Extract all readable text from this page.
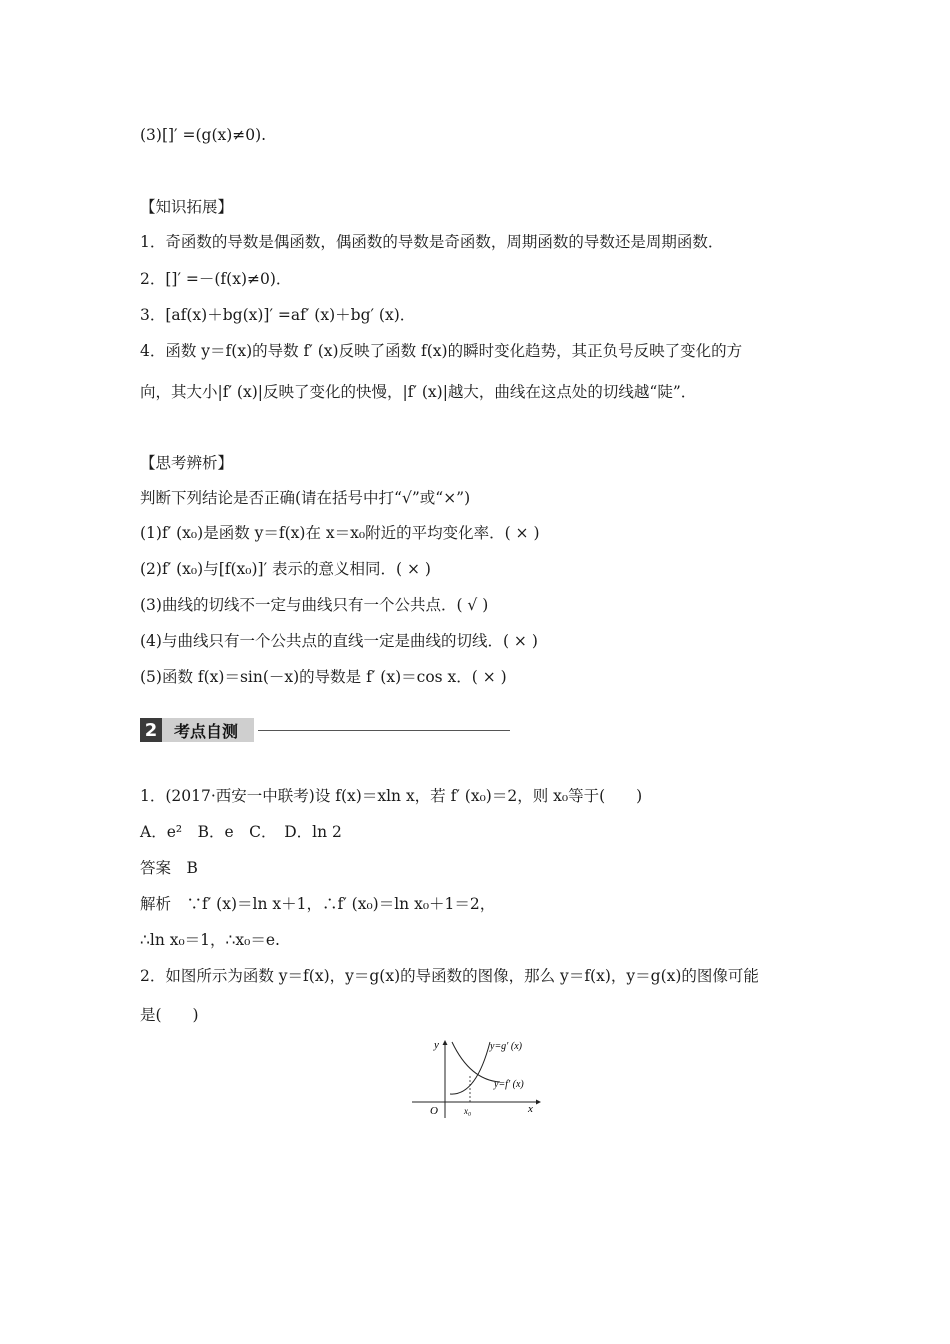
(3)[]′ =(g(x)≠0).
【知识拓展】
1．奇函数的导数是偶函数，偶函数的导数是奇函数，周期函数的导数还是周期函数．
2．[]′ =－(f(x)≠0)．
3．[af(x)＋bg(x)]′ =af′ (x)＋bg′ (x)．
4．函数 y＝f(x)的导数 f′ (x)反映了函数 f(x)的瞬时变化趋势，其正负号反映了变化的方
向，其大小|f′ (x)|反映了变化的快慢，|f′ (x)|越大，曲线在这点处的切线越“陡”．
【思考辨析】
判断下列结论是否正确(请在括号中打“√”或“×”)
(1)f′ (x₀)是函数 y＝f(x)在 x＝x₀附近的平均变化率．( × )
(2)f′ (x₀)与[f(x₀)]′ 表示的意义相同．( × )
(3)曲线的切线不一定与曲线只有一个公共点．( √ )
(4)与曲线只有一个公共点的直线一定是曲线的切线．( × )
(5)函数 f(x)＝sin(－x)的导数是 f′ (x)＝cos x．( × )
2	考点自测
1．(2017·西安一中联考)设 f(x)＝xln x，若 f′ (x₀)＝2，则 x₀等于(　　)
A．e²　B．e　C．　D．ln 2
答案　B
解析　∵f′ (x)＝ln x＋1，∴f′ (x₀)＝ln x₀＋1＝2，
∴ln x₀＝1，∴x₀＝e.
2．如图所示为函数 y＝f(x)，y＝g(x)的导函数的图像，那么 y＝f(x)，y＝g(x)的图像可能
是(　　)
y
x
O	x₀
y=g′ (x)
y=f′ (x)
